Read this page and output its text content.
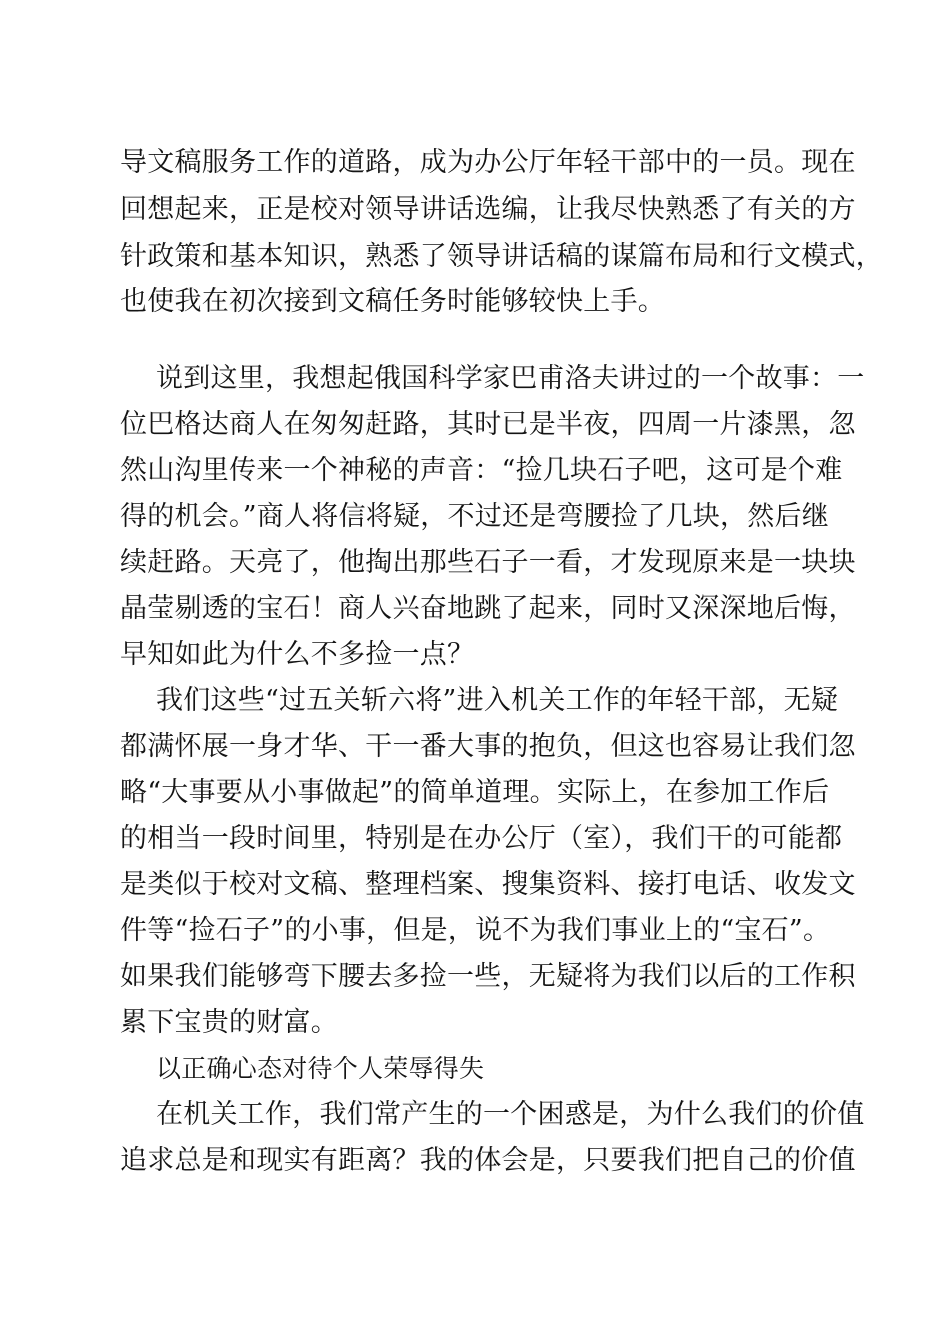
导文稿服务工作的道路，成为办公厅年轻干部中的一员。现在
回想起来，正是校对领导讲话选编，让我尽快熟悉了有关的方
针政策和基本知识，熟悉了领导讲话稿的谋篇布局和行文模式，
也使我在初次接到文稿任务时能够较快上手。
说到这里，我想起俄国科学家巴甫洛夫讲过的一个故事：一
位巴格达商人在匆匆赶路，其时已是半夜，四周一片漆黑，忽
然山沟里传来一个神秘的声音：“捡几块石子吧，这可是个难
得的机会。”商人将信将疑，不过还是弯腰捡了几块，然后继
续赶路。天亮了，他掏出那些石子一看，才发现原来是一块块
晶莹剔透的宝石！商人兴奋地跳了起来，同时又深深地后悔，
早知如此为什么不多捡一点？
我们这些“过五关斩六将”进入机关工作的年轻干部，无疑
都满怀展一身才华、干一番大事的抱负，但这也容易让我们忽
略“大事要从小事做起”的简单道理。实际上，在参加工作后
的相当一段时间里，特别是在办公厅（室），我们干的可能都
是类似于校对文稿、整理档案、搜集资料、接打电话、收发文
件等“捡石子”的小事，但是，说不为我们事业上的“宝石”。
如果我们能够弯下腰去多捡一些，无疑将为我们以后的工作积
累下宝贵的财富。
以正确心态对待个人荣辱得失
在机关工作，我们常产生的一个困惑是，为什么我们的价值
追求总是和现实有距离？我的体会是，只要我们把自己的价值
